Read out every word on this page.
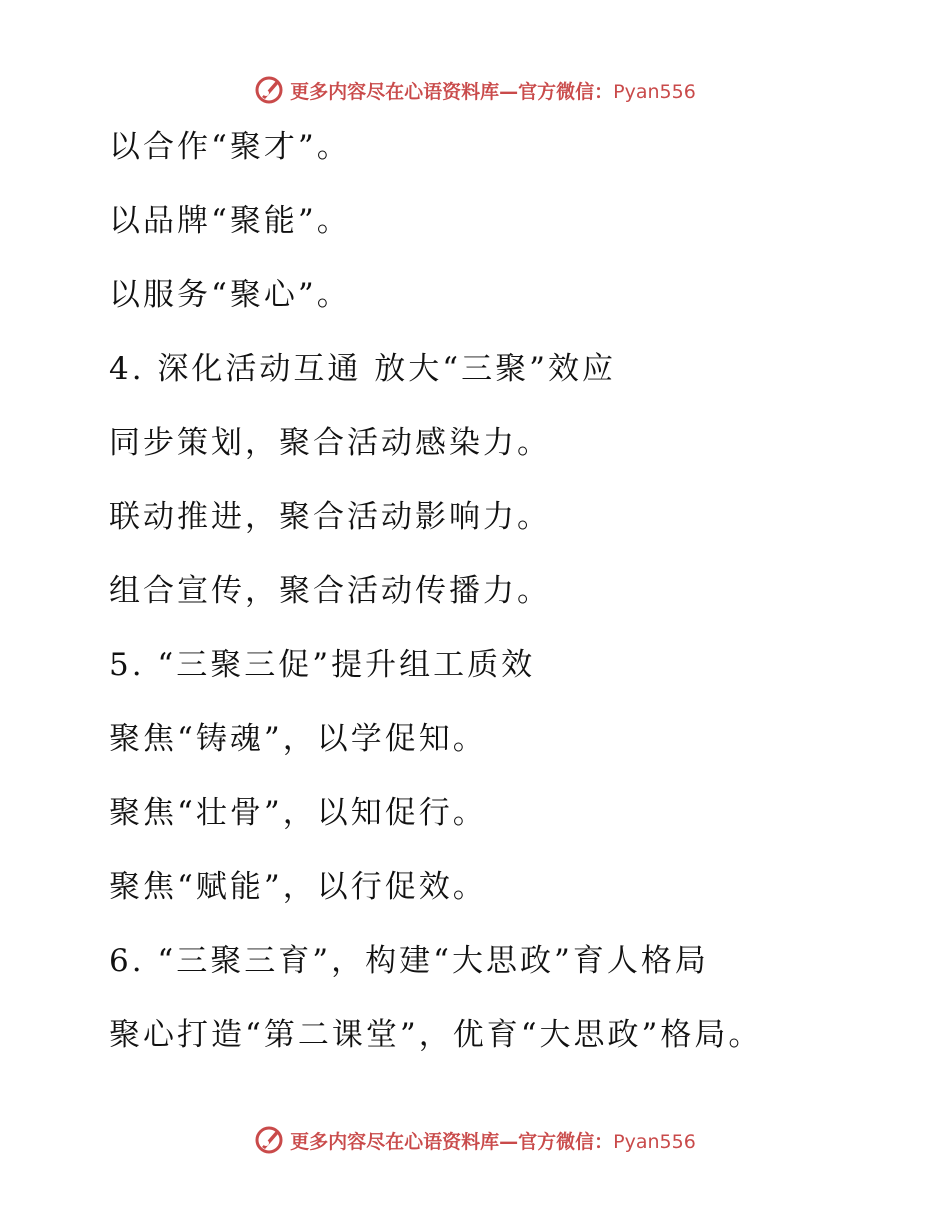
更多内容尽在心语资料库—官方微信：Pyan556
以合作“聚才”。
以品牌“聚能”。
以服务“聚心”。
4. 深化活动互通 放大“三聚”效应
同步策划，聚合活动感染力。
联动推进，聚合活动影响力。
组合宣传，聚合活动传播力。
5. “三聚三促”提升组工质效
聚焦“铸魂”，以学促知。
聚焦“壮骨”，以知促行。
聚焦“赋能”，以行促效。
6. “三聚三育”，构建“大思政”育人格局
聚心打造“第二课堂”，优育“大思政”格局。
更多内容尽在心语资料库—官方微信：Pyan556
